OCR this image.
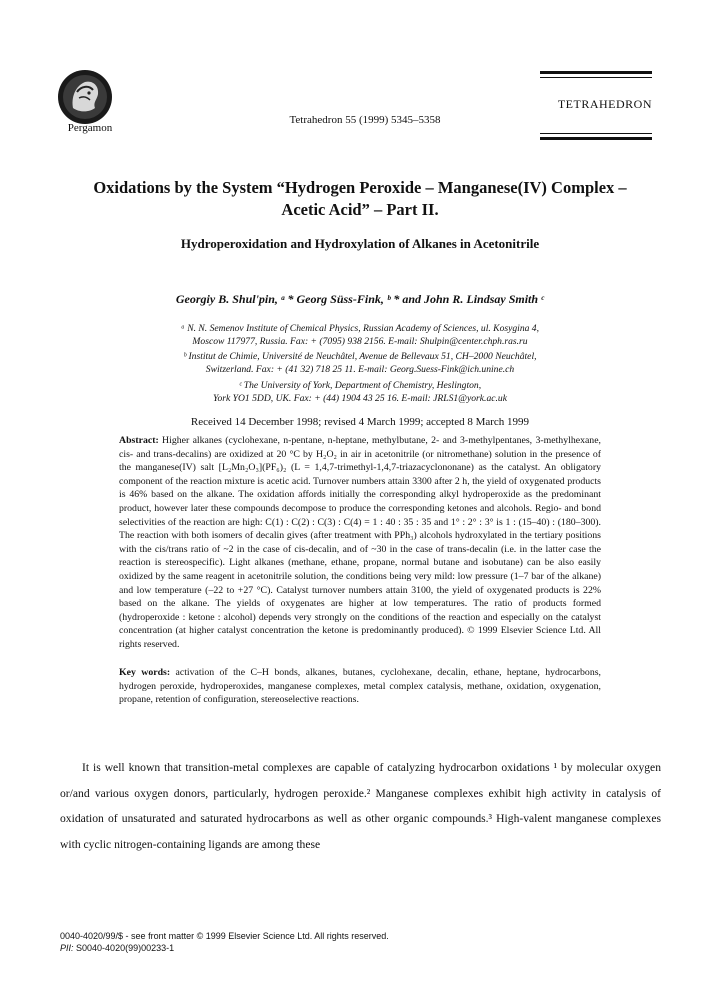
Pergamon
Tetrahedron 55 (1999) 5345–5358
TETRAHEDRON
Oxidations by the System “Hydrogen Peroxide – Manganese(IV) Complex –
Acetic Acid” – Part II.
Hydroperoxidation and Hydroxylation of Alkanes in Acetonitrile
Georgiy B. Shul'pin, ᵃ * Georg Süss-Fink, ᵇ * and John R. Lindsay Smith ᶜ
ᵃ N. N. Semenov Institute of Chemical Physics, Russian Academy of Sciences, ul. Kosygina 4,
Moscow 117977, Russia. Fax: + (7095) 938 2156. E-mail: Shulpin@center.chph.ras.ru
ᵇ Institut de Chimie, Université de Neuchâtel, Avenue de Bellevaux 51, CH–2000 Neuchâtel,
Switzerland. Fax: + (41 32) 718 25 11. E-mail: Georg.Suess-Fink@ich.unine.ch
ᶜ The University of York, Department of Chemistry, Heslington,
York YO1 5DD, UK. Fax: + (44) 1904 43 25 16. E-mail: JRLS1@york.ac.uk
Received 14 December 1998; revised 4 March 1999; accepted 8 March 1999
Abstract: Higher alkanes (cyclohexane, n-pentane, n-heptane, methylbutane, 2- and 3-methylpentanes, 3-methylhexane, cis- and trans-decalins) are oxidized at 20 °C by H₂O₂ in air in acetonitrile (or nitromethane) solution in the presence of the manganese(IV) salt [L₂Mn₂O₃](PF₆)₂ (L = 1,4,7-trimethyl-1,4,7-triazacyclononane) as the catalyst. An obligatory component of the reaction mixture is acetic acid. Turnover numbers attain 3300 after 2 h, the yield of oxygenated products is 46% based on the alkane. The oxidation affords initially the corresponding alkyl hydroperoxide as the predominant product, however later these compounds decompose to produce the corresponding ketones and alcohols. Regio- and bond selectivities of the reaction are high: C(1) : C(2) : C(3) : C(4) = 1 : 40 : 35 : 35 and 1° : 2° : 3° is 1 : (15–40) : (180–300). The reaction with both isomers of decalin gives (after treatment with PPh₃) alcohols hydroxylated in the tertiary positions with the cis/trans ratio of ~2 in the case of cis-decalin, and of ~30 in the case of trans-decalin (i.e. in the latter case the reaction is stereospecific). Light alkanes (methane, ethane, propane, normal butane and isobutane) can be also easily oxidized by the same reagent in acetonitrile solution, the conditions being very mild: low pressure (1–7 bar of the alkane) and low temperature (–22 to +27 °C). Catalyst turnover numbers attain 3100, the yield of oxygenated products is 22% based on the alkane. The yields of oxygenates are higher at low temperatures. The ratio of products formed (hydroperoxide : ketone : alcohol) depends very strongly on the conditions of the reaction and especially on the catalyst concentration (at higher catalyst concentration the ketone is predominantly produced). © 1999 Elsevier Science Ltd. All rights reserved.
Key words: activation of the C–H bonds, alkanes, butanes, cyclohexane, decalin, ethane, heptane, hydrocarbons, hydrogen peroxide, hydroperoxides, manganese complexes, metal complex catalysis, methane, oxidation, oxygenation, propane, retention of configuration, stereoselective reactions.
It is well known that transition-metal complexes are capable of catalyzing hydrocarbon oxidations ¹ by molecular oxygen or/and various oxygen donors, particularly, hydrogen peroxide.² Manganese complexes exhibit high activity in catalysis of oxidation of unsaturated and saturated hydrocarbons as well as other organic compounds.³ High-valent manganese complexes with cyclic nitrogen-containing ligands are among these
0040-4020/99/$ - see front matter © 1999 Elsevier Science Ltd. All rights reserved.
PII: S0040-4020(99)00233-1
